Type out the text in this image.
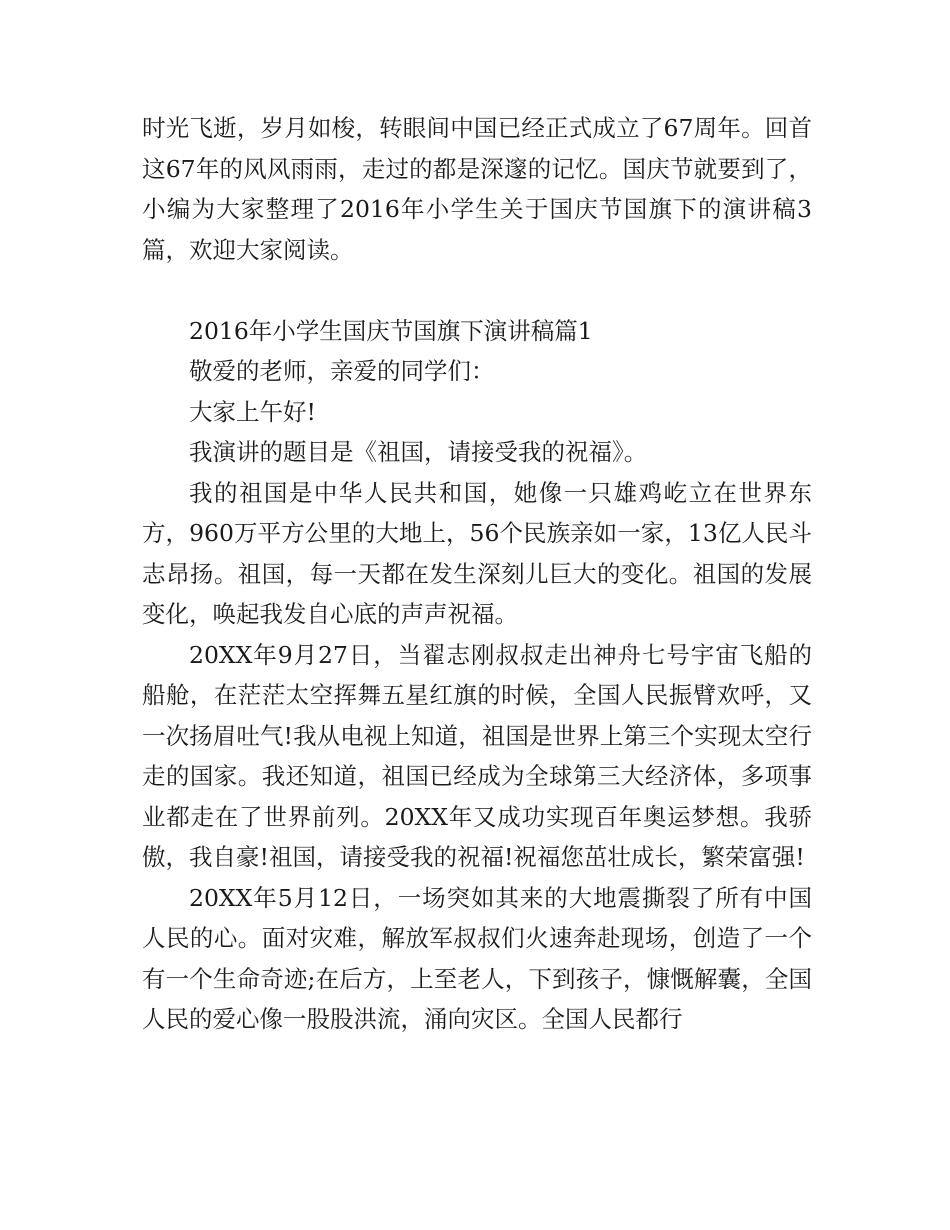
时光飞逝，岁月如梭，转眼间中国已经正式成立了67周年。回首这67年的风风雨雨，走过的都是深邃的记忆。国庆节就要到了，小编为大家整理了2016年小学生关于国庆节国旗下的演讲稿3篇，欢迎大家阅读。

2016年小学生国庆节国旗下演讲稿篇1

敬爱的老师，亲爱的同学们：

大家上午好!

我演讲的题目是《祖国，请接受我的祝福》。

我的祖国是中华人民共和国，她像一只雄鸡屹立在世界东方，960万平方公里的大地上，56个民族亲如一家，13亿人民斗志昂扬。祖国，每一天都在发生深刻儿巨大的变化。祖国的发展变化，唤起我发自心底的声声祝福。

20XX年9月27日，当翟志刚叔叔走出神舟七号宇宙飞船的船舱，在茫茫太空挥舞五星红旗的时候，全国人民振臂欢呼，又一次扬眉吐气!我从电视上知道，祖国是世界上第三个实现太空行走的国家。我还知道，祖国已经成为全球第三大经济体，多项事业都走在了世界前列。20XX年又成功实现百年奥运梦想。我骄傲，我自豪!祖国，请接受我的祝福!祝福您茁壮成长，繁荣富强!

20XX年5月12日，一场突如其来的大地震撕裂了所有中国人民的心。面对灾难，解放军叔叔们火速奔赴现场，创造了一个有一个生命奇迹;在后方，上至老人，下到孩子，慷慨解囊，全国人民的爱心像一股股洪流，涌向灾区。全国人民都行
